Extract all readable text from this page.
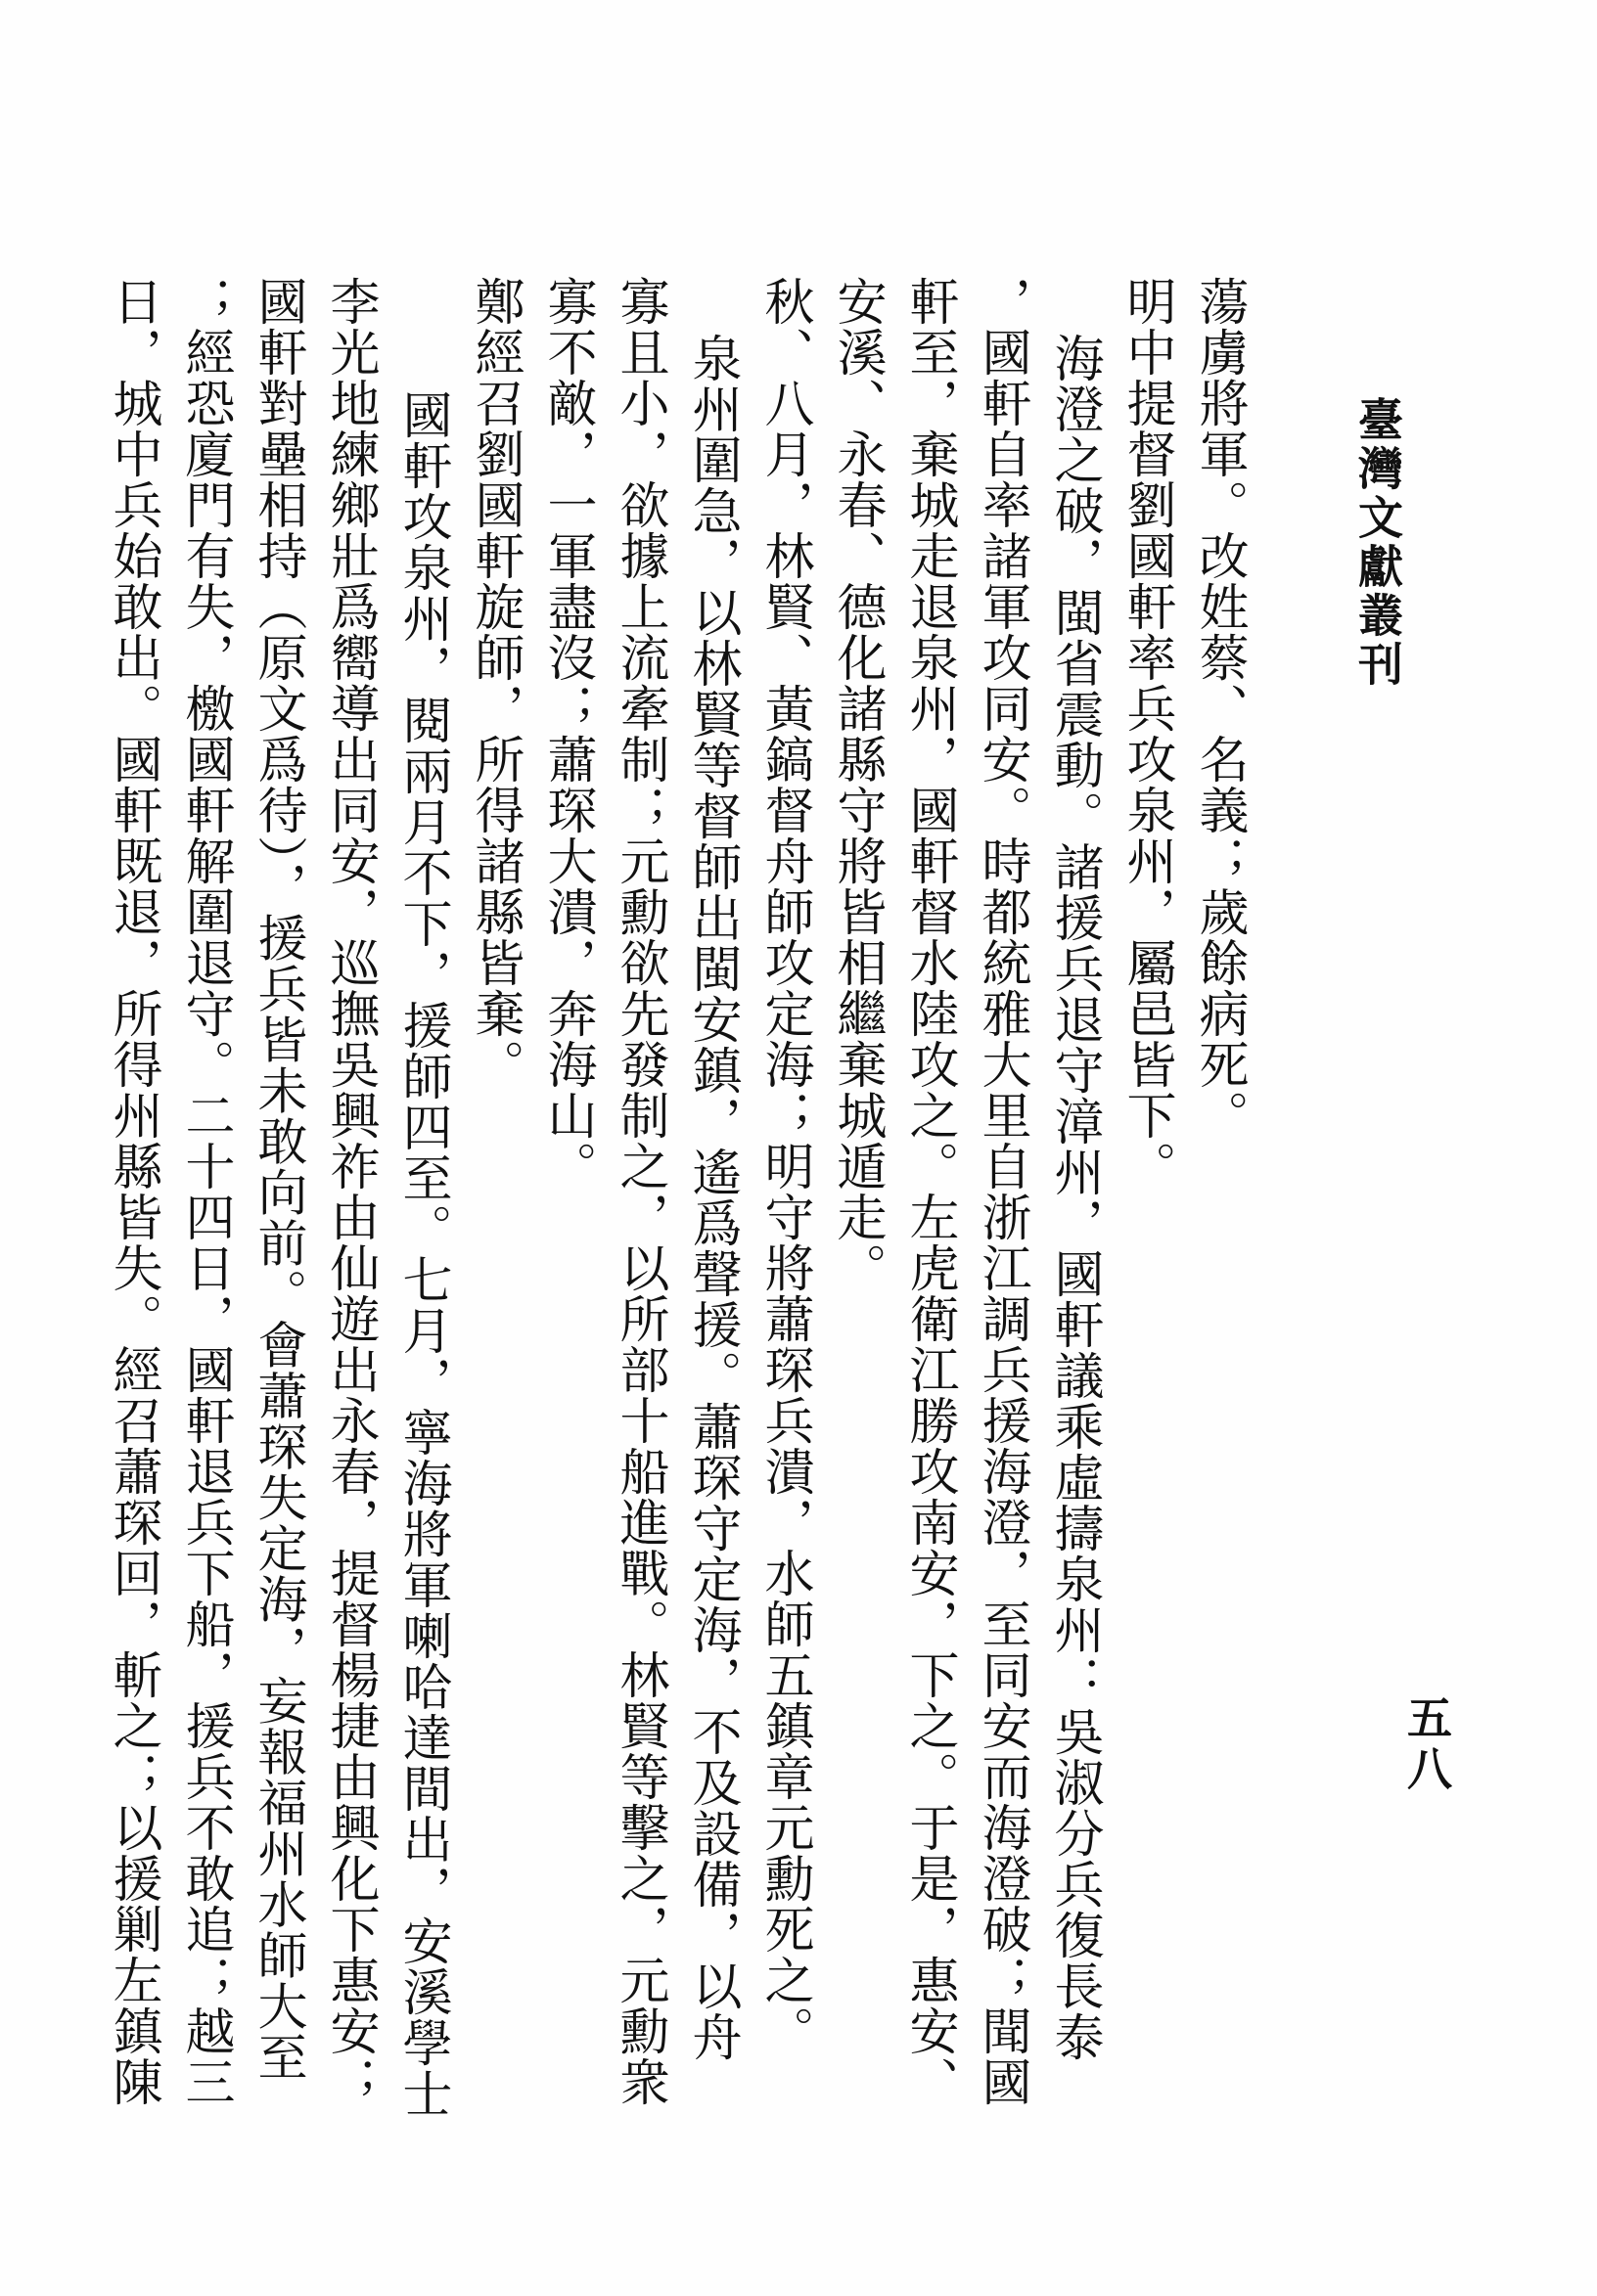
臺灣文獻叢刊
五八
蕩虜將軍。改姓蔡、名義；歲餘病死。
明中提督劉國軒率兵攻泉州，屬邑皆下。
海澄之破，閩省震動。諸援兵退守漳州，國軒議乘虛擣泉州：吳淑分兵復長泰
，國軒自率諸軍攻同安。時都統雅大里自浙江調兵援海澄，至同安而海澄破；聞國
軒至，棄城走退泉州，國軒督水陸攻之。左虎衛江勝攻南安，下之。于是，惠安、
安溪、永春、德化諸縣守將皆相繼棄城遁走。
秋、八月，林賢、黃鎬督舟師攻定海；明守將蕭琛兵潰，水師五鎮章元勳死之。
泉州圍急，以林賢等督師出閩安鎮，遙爲聲援。蕭琛守定海，不及設備，以舟
寡且小，欲據上流牽制；元勳欲先發制之，以所部十船進戰。林賢等擊之，元勳衆
寡不敵，一軍盡沒；蕭琛大潰，奔海山。
鄭經召劉國軒旋師，所得諸縣皆棄。
國軒攻泉州，閱兩月不下，援師四至。七月，寧海將軍喇哈達間出，安溪學士
李光地練鄉壯爲嚮導出同安，巡撫吳興祚由仙遊出永春，提督楊捷由興化下惠安；
國軒對壘相持（原文爲待），援兵皆未敢向前。會蕭琛失定海，妄報福州水師大至
；經恐廈門有失，檄國軒解圍退守。二十四日，國軒退兵下船，援兵不敢追；越三
日，城中兵始敢出。國軒既退，所得州縣皆失。經召蕭琛回，斬之；以援剿左鎮陳
